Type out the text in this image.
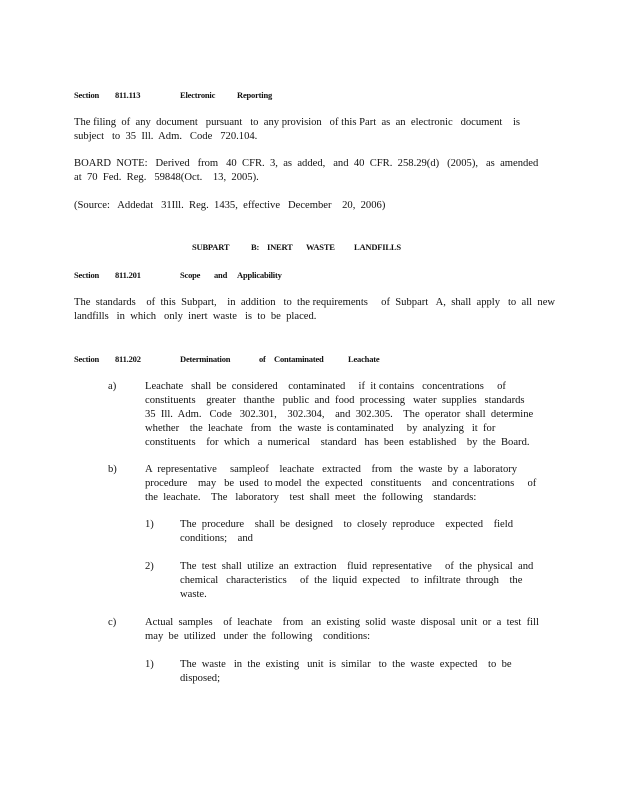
Section 811.113	Electronic	Reporting
The filing  of  any  document   pursuant   to  any provision   of this Part  as  an  electronic   document    is
subject   to  35  Ill.  Adm.   Code   720.104.
BOARD  NOTE:   Derived   from   40  CFR.  3,  as  added,   and  40  CFR.  258.29(d)   (2005),   as  amended
at  70  Fed.  Reg.   59848(Oct.    13,  2005).
(Source:   Addedat   31Ill.  Reg.  1435,  effective   December    20,  2006)
SUBPART	B: INERT WASTE LANDFILLS
Section 811.201	Scope and Applicability
The  standards    of  this  Subpart,    in  addition   to  the requirements     of  Subpart   A,  shall  apply   to  all  new
landfills   in  which   only  inert  waste   is  to  be  placed.
Section 811.202	Determination	of Contaminated	Leachate
a)	Leachate   shall  be  considered    contaminated     if  it contains   concentrations     of
constituents    greater   thanthe   public  and  food  processing   water  supplies   standards
35  Ill.  Adm.   Code   302.301,    302.304,    and  302.305.    The  operator  shall  determine
whether    the  leachate   from   the  waste  is contaminated     by  analyzing   it  for
constituents    for  which   a  numerical    standard   has  been  established    by  the  Board.
b)	A  representative     sampleof    leachate   extracted    from   the  waste  by  a  laboratory
procedure    may   be  used  to model  the  expected   constituents    and  concentrations     of
the  leachate.    The   laboratory    test  shall  meet   the  following    standards:
1) The  procedure    shall  be  designed    to  closely  reproduce    expected    field
conditions;    and
2) The  test  shall  utilize  an  extraction    fluid  representative     of  the  physical  and
chemical   characteristics     of  the  liquid  expected    to  infiltrate  through    the
waste.
c)	Actual  samples    of  leachate    from   an  existing  solid  waste  disposal  unit  or  a  test  fill
may  be  utilized   under  the  following    conditions:
1) The  waste   in  the  existing   unit  is  similar   to  the  waste  expected    to  be
disposed;
